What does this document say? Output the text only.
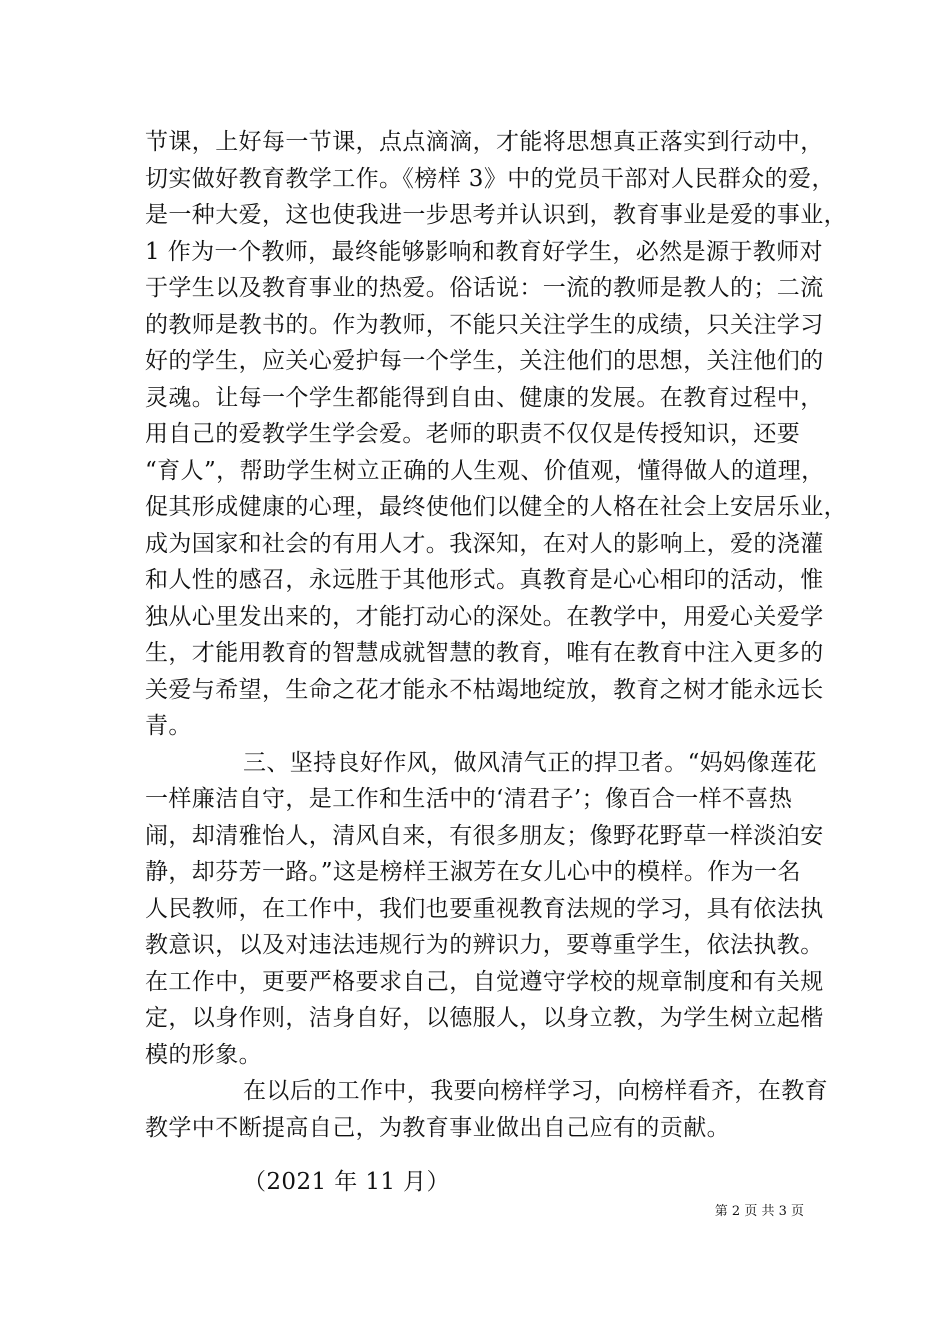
节课，上好每一节课，点点滴滴，才能将思想真正落实到行动中，
切实做好教育教学工作。《榜样 3》中的党员干部对人民群众的爱，
是一种大爱，这也使我进一步思考并认识到，教育事业是爱的事业，
1 作为一个教师，最终能够影响和教育好学生，必然是源于教师对
于学生以及教育事业的热爱。俗话说：一流的教师是教人的；二流
的教师是教书的。作为教师，不能只关注学生的成绩，只关注学习
好的学生，应关心爱护每一个学生，关注他们的思想，关注他们的
灵魂。让每一个学生都能得到自由、健康的发展。在教育过程中，
用自己的爱教学生学会爱。老师的职责不仅仅是传授知识，还要
“育人”，帮助学生树立正确的人生观、价值观，懂得做人的道理，
促其形成健康的心理，最终使他们以健全的人格在社会上安居乐业，
成为国家和社会的有用人才。我深知，在对人的影响上，爱的浇灌
和人性的感召，永远胜于其他形式。真教育是心心相印的活动，惟
独从心里发出来的，才能打动心的深处。在教学中，用爱心关爱学
生，才能用教育的智慧成就智慧的教育，唯有在教育中注入更多的
关爱与希望，生命之花才能永不枯竭地绽放，教育之树才能永远长
青。
三、坚持良好作风，做风清气正的捍卫者。“妈妈像莲花
一样廉洁自守，是工作和生活中的‘清君子’；像百合一样不喜热
闹，却清雅怡人，清风自来，有很多朋友；像野花野草一样淡泊安
静，却芬芳一路。”这是榜样王淑芳在女儿心中的模样。作为一名
人民教师，在工作中，我们也要重视教育法规的学习，具有依法执
教意识，以及对违法违规行为的辨识力，要尊重学生，依法执教。
在工作中，更要严格要求自己，自觉遵守学校的规章制度和有关规
定，以身作则，洁身自好，以德服人，以身立教，为学生树立起楷
模的形象。
在以后的工作中，我要向榜样学习，向榜样看齐，在教育
教学中不断提高自己，为教育事业做出自己应有的贡献。
（2021 年 11 月）
第 2 页 共 3 页
